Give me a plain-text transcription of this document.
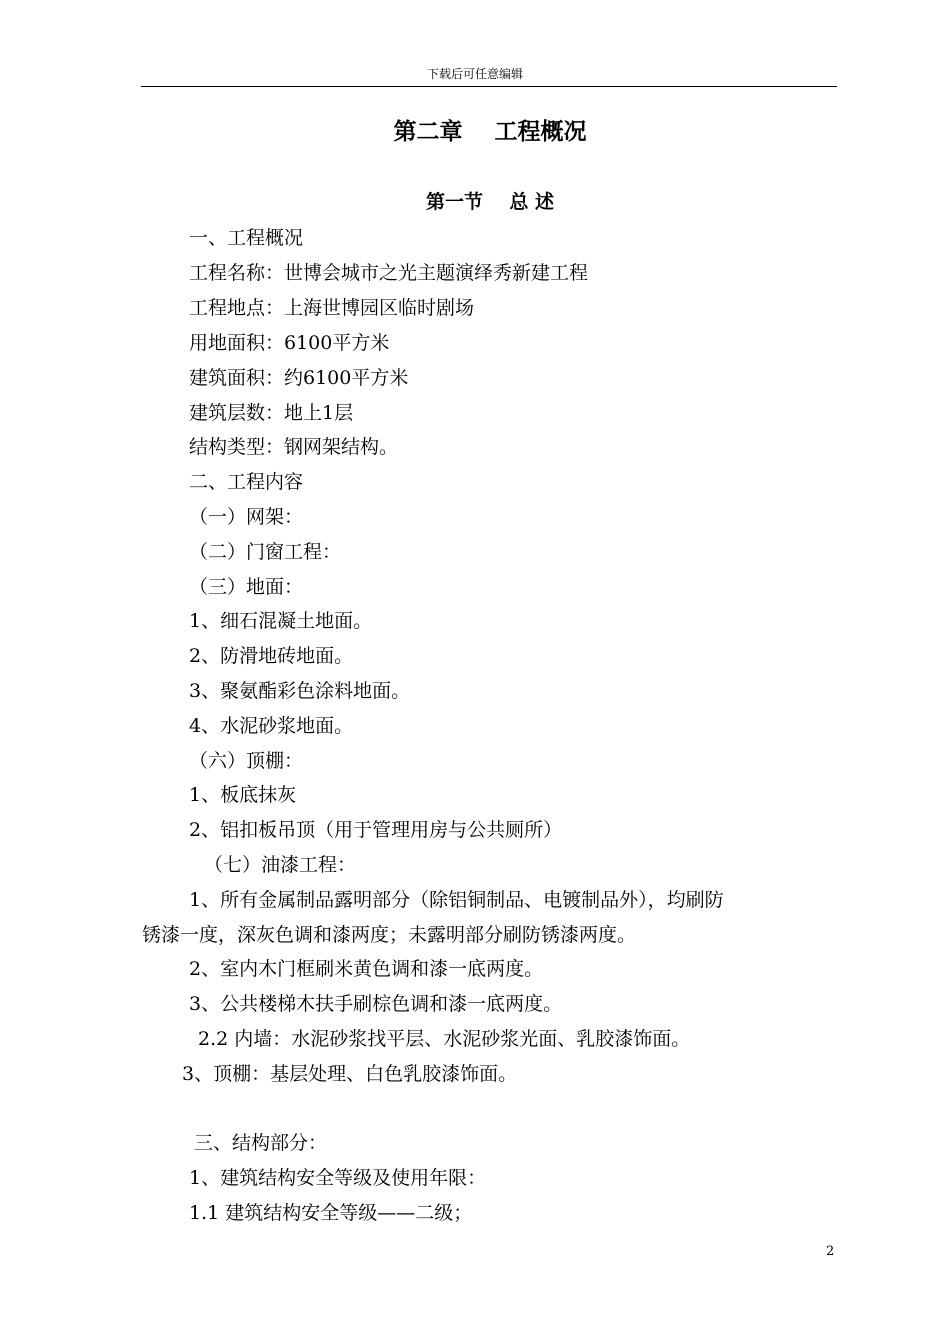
下载后可任意编辑
第二章    工程概况
第一节    总 述
一、工程概况
工程名称：世博会城市之光主题演绎秀新建工程
工程地点：上海世博园区临时剧场
用地面积：6100平方米
建筑面积：约6100平方米
建筑层数：地上1层
结构类型：钢网架结构。
二、工程内容
（一）网架：
（二）门窗工程：
（三）地面：
1、细石混凝土地面。
2、防滑地砖地面。
3、聚氨酯彩色涂料地面。
4、水泥砂浆地面。
（六）顶棚：
1、板底抹灰
2、铝扣板吊顶（用于管理用房与公共厕所）
（七）油漆工程：
1、所有金属制品露明部分（除铝铜制品、电镀制品外），均刷防
锈漆一度，深灰色调和漆两度；未露明部分刷防锈漆两度。
2、室内木门框刷米黄色调和漆一底两度。
3、公共楼梯木扶手刷棕色调和漆一底两度。
2.2 内墙：水泥砂浆找平层、水泥砂浆光面、乳胶漆饰面。
3、顶棚：基层处理、白色乳胶漆饰面。
三、结构部分：
1、建筑结构安全等级及使用年限：
1.1 建筑结构安全等级——二级；
2
